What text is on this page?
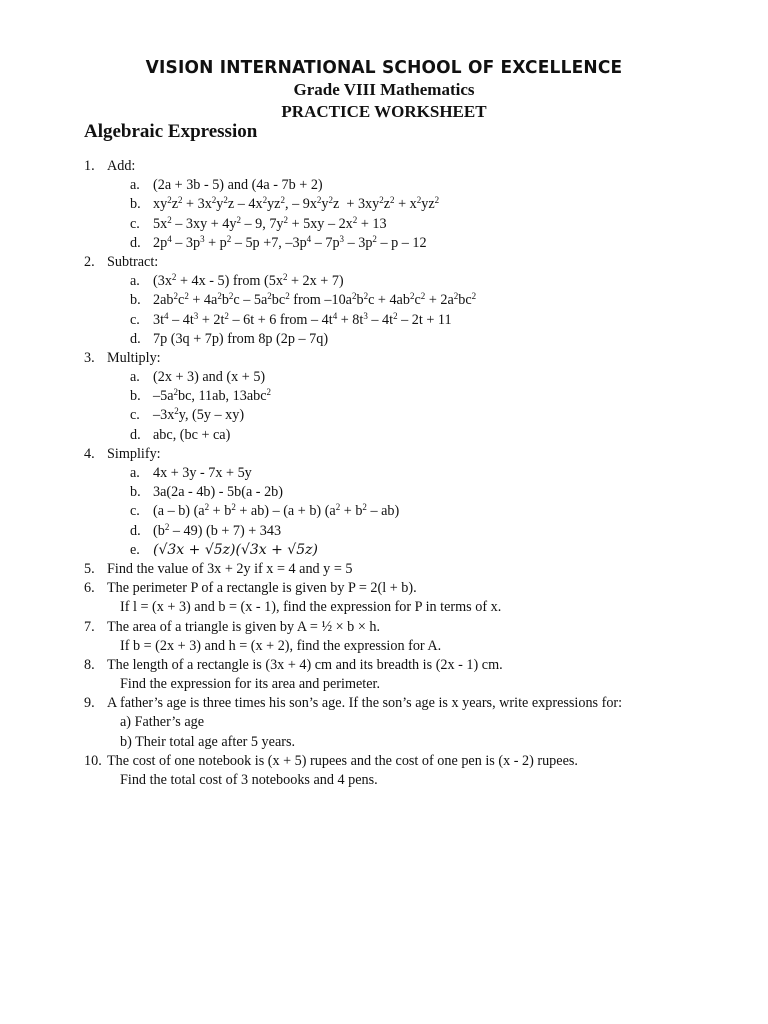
VISION INTERNATIONAL SCHOOL OF EXCELLENCE
Grade VIII Mathematics
PRACTICE WORKSHEET
Algebraic Expression
1. Add:
a. (2a + 3b - 5) and (4a - 7b + 2)
b. $xy^2z^2 + 3x^2y^2z - 4x^2yz^2$, – $9x^2y^2z + 3xy^2z^2 + x^2yz^2$
c. $5x^2 - 3xy + 4y^2 - 9$, $7y^2 + 5xy - 2x^2 + 13$
d. $2p^4 - 3p^3 + p^2 - 5p +7$, $-3p^4 - 7p^3 - 3p^2$ – p – 12
2. Subtract:
a. $(3x^2 + 4x - 5)$ from $(5x^2 + 2x + 7)$
b. $2ab^2c^2 + 4a^2b^2c - 5a^2bc^2$ from $-10a^2b^2c + 4ab^2c^2 + 2a^2bc^2$
c. $3t^4 - 4t^3 + 2t^2 - 6t + 6$ from – $4t^4 + 8t^3 - 4t^2 - 2t + 11$
d. 7p (3q + 7p) from 8p (2p – 7q)
3. Multiply:
a. (2x + 3) and (x + 5)
b. $-5a^2bc$, 11ab, 13abc$^2$
c. $-3x^2y$, (5y – xy)
d. abc, (bc + ca)
4. Simplify:
a. 4x + 3y - 7x + 5y
b. 3a(2a - 4b) - 5b(a - 2b)
c. (a – b) $(a^2 + b^2 + ab) - (a + b) (a^2 + b^2 - ab)$
d. $(b^2 - 49) (b + 7) + 343$
e. (√3x + √5z)(√3x + √5z)
5. Find the value of 3x + 2y if x = 4 and y = 5
6. The perimeter P of a rectangle is given by P = 2(l + b).
If l = (x + 3) and b = (x - 1), find the expression for P in terms of x.
7. The area of a triangle is given by A = ½ × b × h.
If b = (2x + 3) and h = (x + 2), find the expression for A.
8. The length of a rectangle is (3x + 4) cm and its breadth is (2x - 1) cm.
Find the expression for its area and perimeter.
9. A father’s age is three times his son’s age. If the son’s age is x years, write expressions for:
a) Father’s age
b) Their total age after 5 years.
10. The cost of one notebook is (x + 5) rupees and the cost of one pen is (x - 2) rupees.
Find the total cost of 3 notebooks and 4 pens.
